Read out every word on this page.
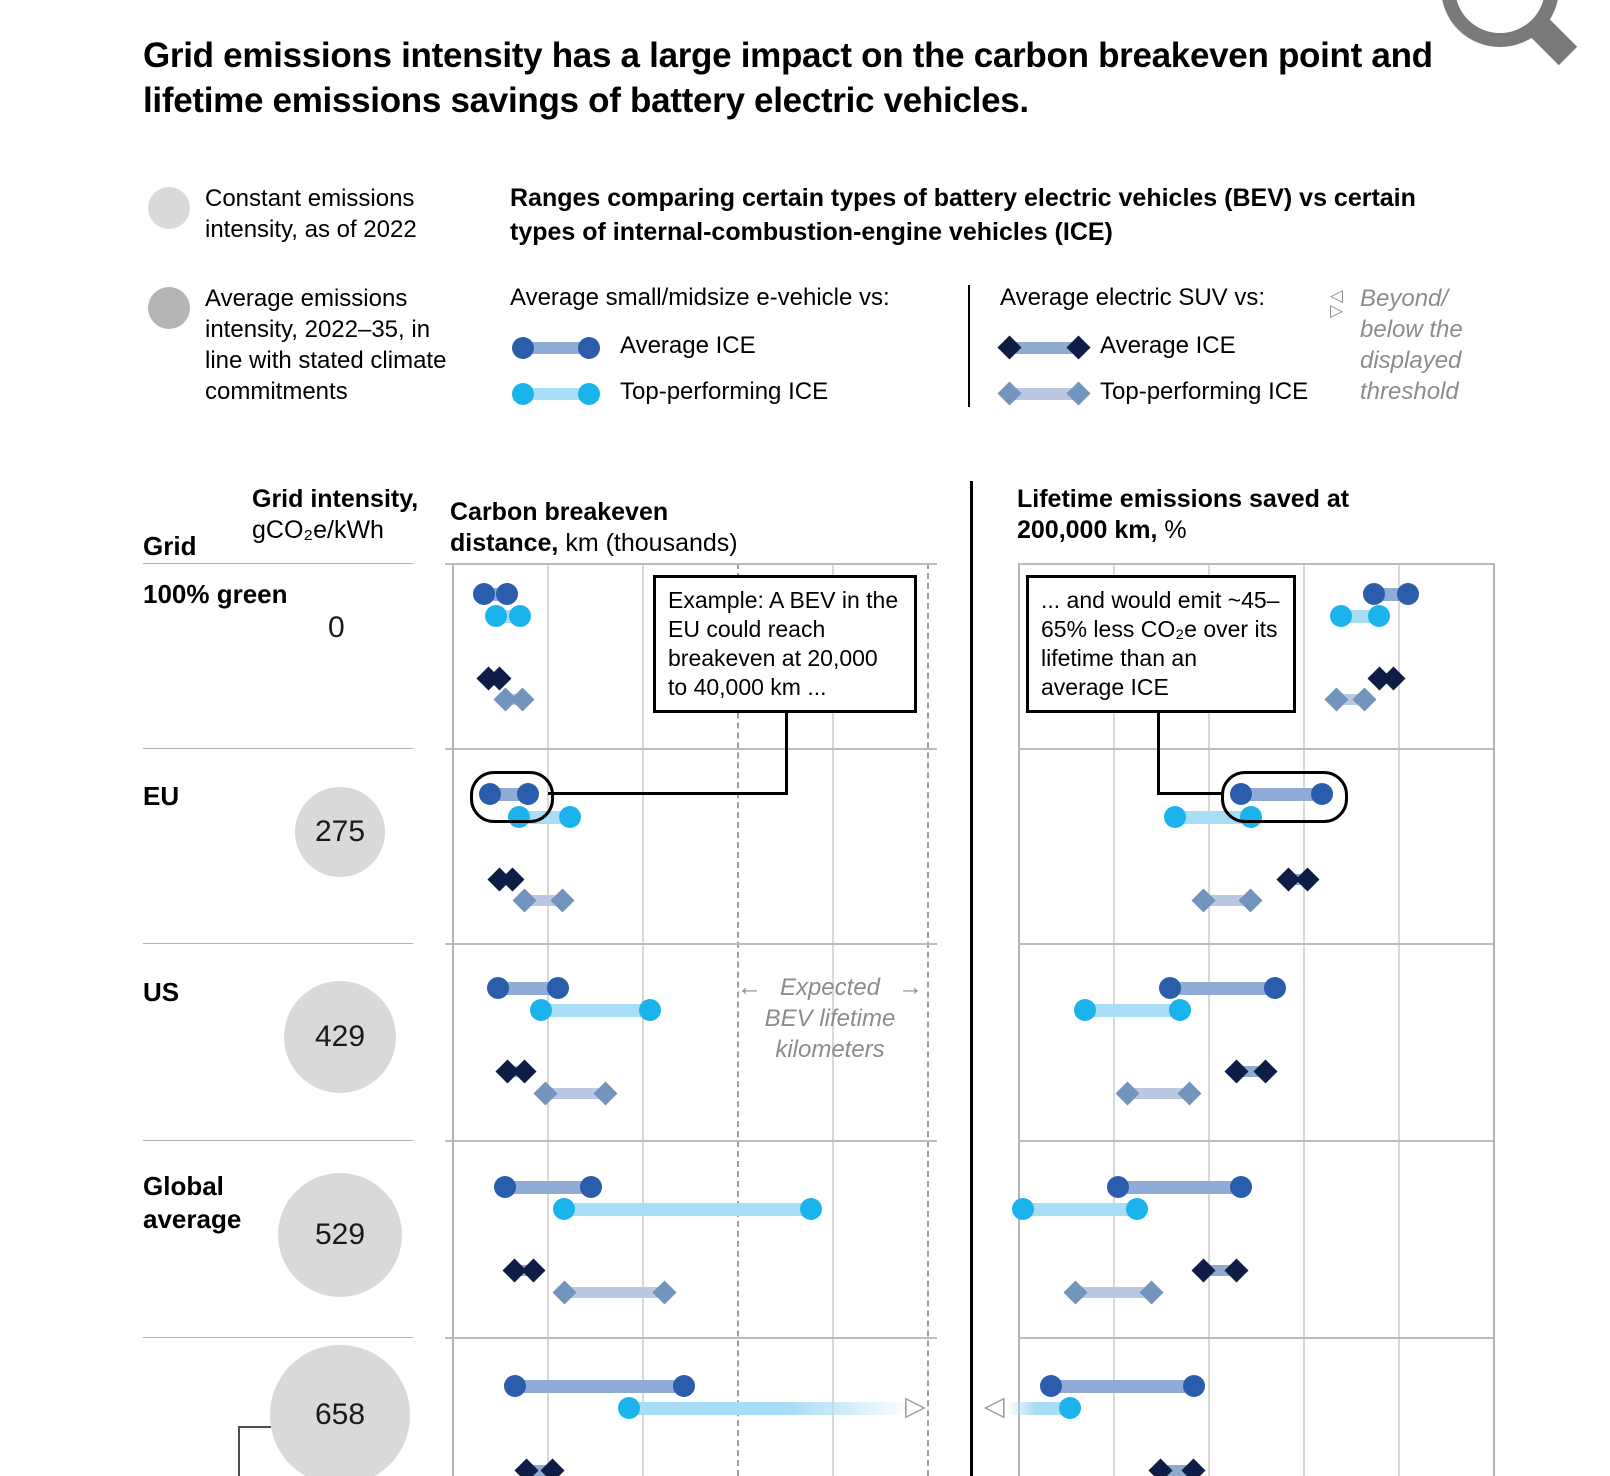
Grid emissions intensity has a large impact on the carbon breakeven point and lifetime emissions savings of battery electric vehicles.
Constant emissions intensity, as of 2022
Average emissions intensity, 2022–35, in line with stated climate commitments
Ranges comparing certain types of battery electric vehicles (BEV) vs certain types of internal-combustion-engine vehicles (ICE)
Average small/midsize e-vehicle vs:
Average ICE
Top-performing ICE
Average electric SUV vs:
Average ICE
Top-performing ICE
◁
▷ Beyond/ below the displayed threshold
Grid
Grid intensity,
gCO₂e/kWh
Carbon breakeven distance, km (thousands)
Lifetime emissions saved at 200,000 km, %
▷ ◁
100% green
0
EU
275
US
429
Global average	529
658
Example: A BEV in the EU could reach breakeven at 20,000 to 40,000 km ...
... and would emit ~45–65% less CO₂e over its lifetime than an average ICE
← Expected →
BEV lifetime
kilometers
